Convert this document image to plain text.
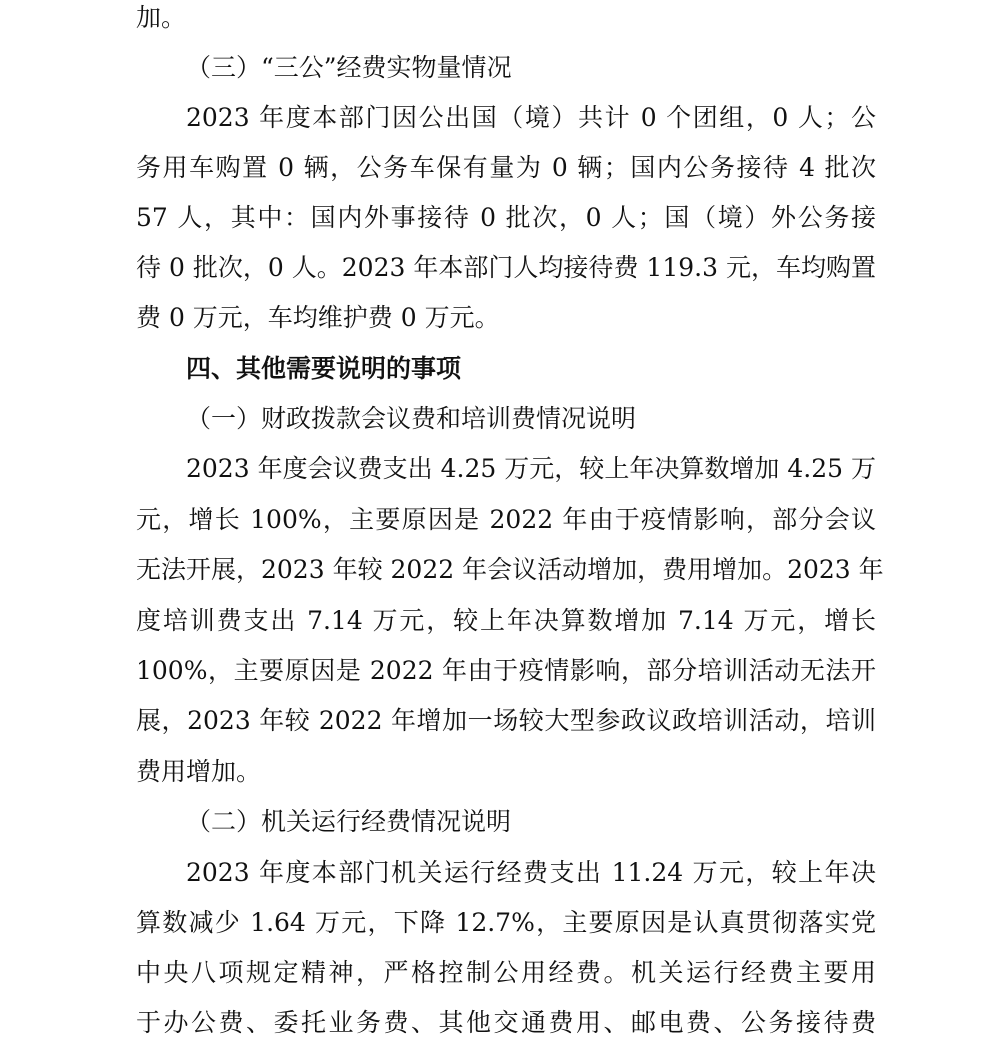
加。
（三）“三公”经费实物量情况
2023 年度本部门因公出国（境）共计 0 个团组，0 人；公
务用车购置 0 辆，公务车保有量为 0 辆；国内公务接待 4 批次
57 人，其中：国内外事接待 0 批次，0 人；国（境）外公务接
待 0 批次，0 人。2023 年本部门人均接待费 119.3 元，车均购置
费 0 万元，车均维护费 0 万元。
四、其他需要说明的事项
（一）财政拨款会议费和培训费情况说明
2023 年度会议费支出 4.25 万元，较上年决算数增加 4.25 万
元，增长 100%，主要原因是 2022 年由于疫情影响，部分会议
无法开展，2023 年较 2022 年会议活动增加，费用增加。2023 年
度培训费支出 7.14 万元，较上年决算数增加 7.14 万元，增长
100%，主要原因是 2022 年由于疫情影响，部分培训活动无法开
展，2023 年较 2022 年增加一场较大型参政议政培训活动，培训
费用增加。
（二）机关运行经费情况说明
2023 年度本部门机关运行经费支出 11.24 万元，较上年决
算数减少 1.64 万元，下降 12.7%，主要原因是认真贯彻落实党
中央八项规定精神，严格控制公用经费。机关运行经费主要用
于办公费、委托业务费、其他交通费用、邮电费、公务接待费
